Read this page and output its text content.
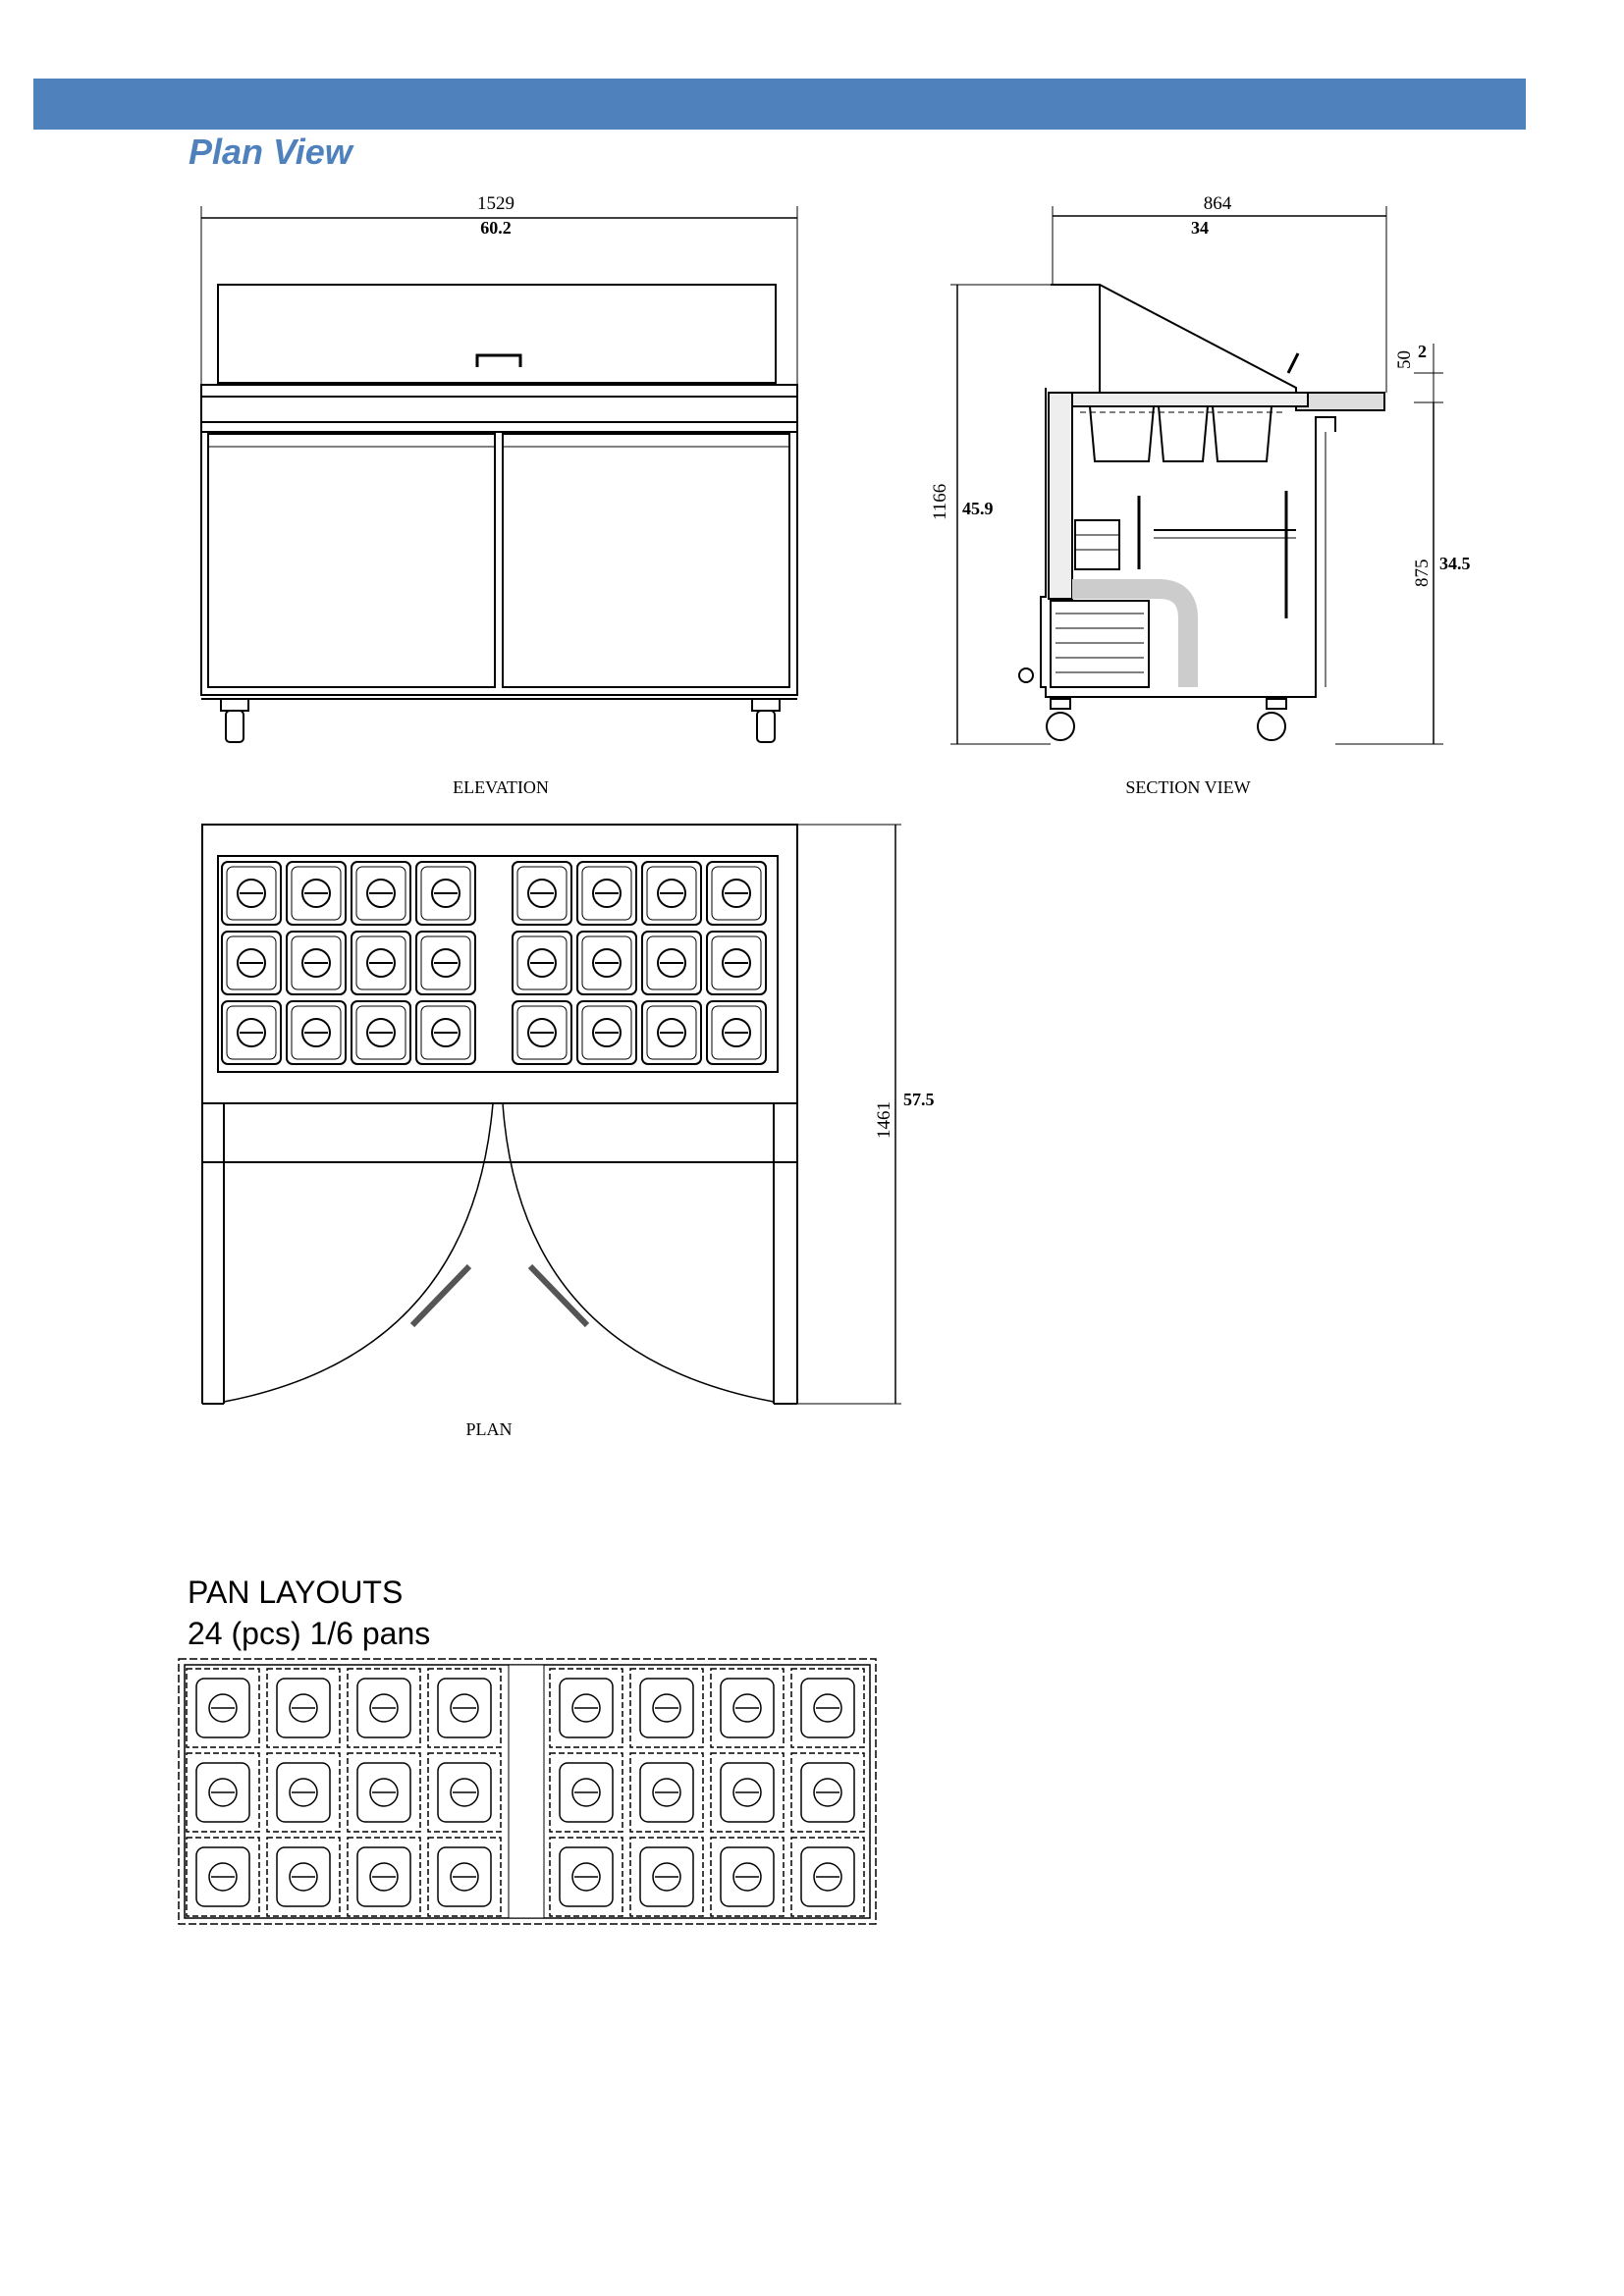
Plan View
1529
60.2
ELEVATION
864
34
1166 45.9
50 2
875 34.5
SECTION VIEW
1461
57.5
PLAN
PAN LAYOUTS
24 (pcs) 1/6 pans
